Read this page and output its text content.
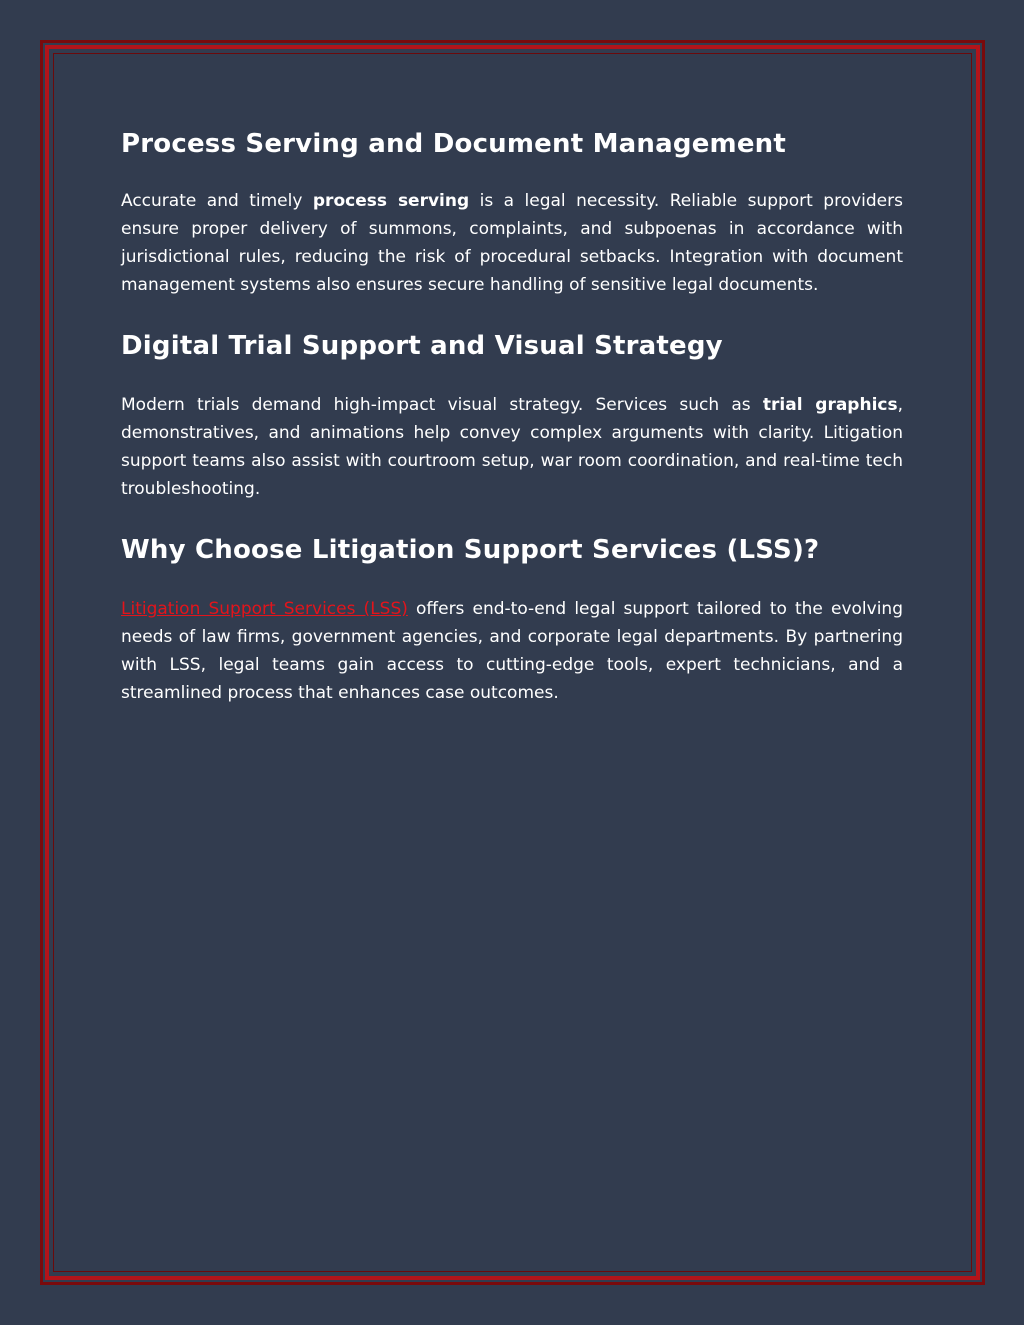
Process Serving and Document Management

Accurate and timely process serving is a legal necessity. Reliable support providers ensure proper delivery of summons, complaints, and subpoenas in accordance with jurisdictional rules, reducing the risk of procedural setbacks. Integration with document management systems also ensures secure handling of sensitive legal documents.

Digital Trial Support and Visual Strategy

Modern trials demand high-impact visual strategy. Services such as trial graphics, demonstratives, and animations help convey complex arguments with clarity. Litigation support teams also assist with courtroom setup, war room coordination, and real-time tech troubleshooting.

Why Choose Litigation Support Services (LSS)?

Litigation Support Services (LSS) offers end-to-end legal support tailored to the evolving needs of law firms, government agencies, and corporate legal departments. By partnering with LSS, legal teams gain access to cutting-edge tools, expert technicians, and a streamlined process that enhances case outcomes.
